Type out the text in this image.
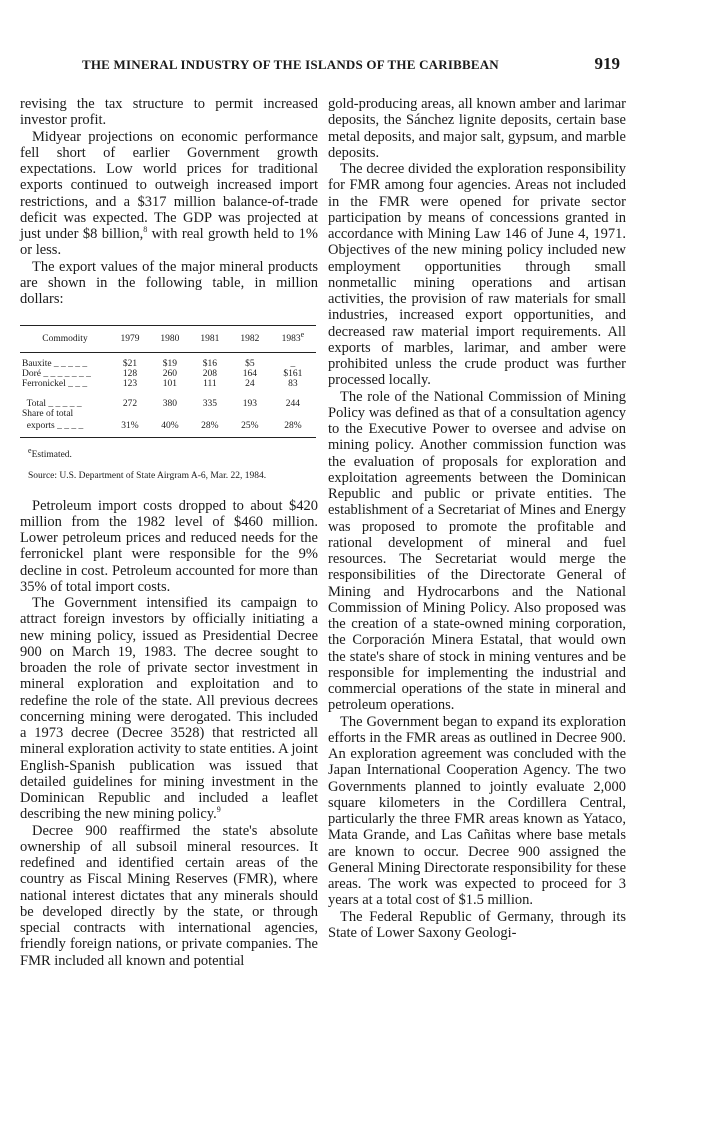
THE MINERAL INDUSTRY OF THE ISLANDS OF THE CARIBBEAN	919

revising the tax structure to permit increased investor profit.

Midyear projections on economic performance fell short of earlier Government growth expectations. Low world prices for traditional exports continued to outweigh increased import restrictions, and a $317 million balance-of-trade deficit was expected. The GDP was projected at just under $8 billion,$^8$ with real growth held to 1% or less.

The export values of the major mineral products are shown in the following table, in million dollars:

Commodity	1979	1980	1981	1982	1983e
Bauxite _ _ _ _ _	$21	$19	$16	$5	_
Doré _ _ _ _ _ _ _	128	260	208	164	$161
Ferronickel _ _ _	123	101	111	24	83
Total _ _ _ _ _	272	380	335	193	244
Share of total					
exports _ _ _ _	31%	40%	28%	25%	28%
$^e$Estimated.
Source: U.S. Department of State Airgram A-6, Mar. 22, 1984.

Petroleum import costs dropped to about $420 million from the 1982 level of $460 million. Lower petroleum prices and reduced needs for the ferronickel plant were responsible for the 9% decline in cost. Petroleum accounted for more than 35% of total import costs.

The Government intensified its campaign to attract foreign investors by officially initiating a new mining policy, issued as Presidential Decree 900 on March 19, 1983. The decree sought to broaden the role of private sector investment in mineral exploration and exploitation and to redefine the role of the state. All previous decrees concerning mining were derogated. This included a 1973 decree (Decree 3528) that restricted all mineral exploration activity to state entities. A joint English-Spanish publication was issued that detailed guidelines for mining investment in the Dominican Republic and included a leaflet describing the new mining policy.$^9$

Decree 900 reaffirmed the state's absolute ownership of all subsoil mineral resources. It redefined and identified certain areas of the country as Fiscal Mining Reserves (FMR), where national interest dictates that any minerals should be developed directly by the state, or through special contracts with international agencies, friendly foreign nations, or private companies. The FMR included all known and potential

gold-producing areas, all known amber and larimar deposits, the Sánchez lignite deposits, certain base metal deposits, and major salt, gypsum, and marble deposits.

The decree divided the exploration responsibility for FMR among four agencies. Areas not included in the FMR were opened for private sector participation by means of concessions granted in accordance with Mining Law 146 of June 4, 1971. Objectives of the new mining policy included new employment opportunities through small nonmetallic mining operations and artisan activities, the provision of raw materials for small industries, increased export opportunities, and decreased raw material import requirements. All exports of marbles, larimar, and amber were prohibited unless the crude product was further processed locally.

The role of the National Commission of Mining Policy was defined as that of a consultation agency to the Executive Power to oversee and advise on mining policy. Another commission function was the evaluation of proposals for exploration and exploitation agreements between the Dominican Republic and public or private entities. The establishment of a Secretariat of Mines and Energy was proposed to promote the profitable and rational development of mineral and fuel resources. The Secretariat would merge the responsibilities of the Directorate General of Mining and Hydrocarbons and the National Commission of Mining Policy. Also proposed was the creation of a state-owned mining corporation, the Corporación Minera Estatal, that would own the state's share of stock in mining ventures and be responsible for implementing the industrial and commercial operations of the state in mineral and petroleum operations.

The Government began to expand its exploration efforts in the FMR areas as outlined in Decree 900. An exploration agreement was concluded with the Japan International Cooperation Agency. The two Governments planned to jointly evaluate 2,000 square kilometers in the Cordillera Central, particularly the three FMR areas known as Yataco, Mata Grande, and Las Cañitas where base metals are known to occur. Decree 900 assigned the General Mining Directorate responsibility for these areas. The work was expected to proceed for 3 years at a total cost of $1.5 million.

The Federal Republic of Germany, through its State of Lower Saxony Geologi-
